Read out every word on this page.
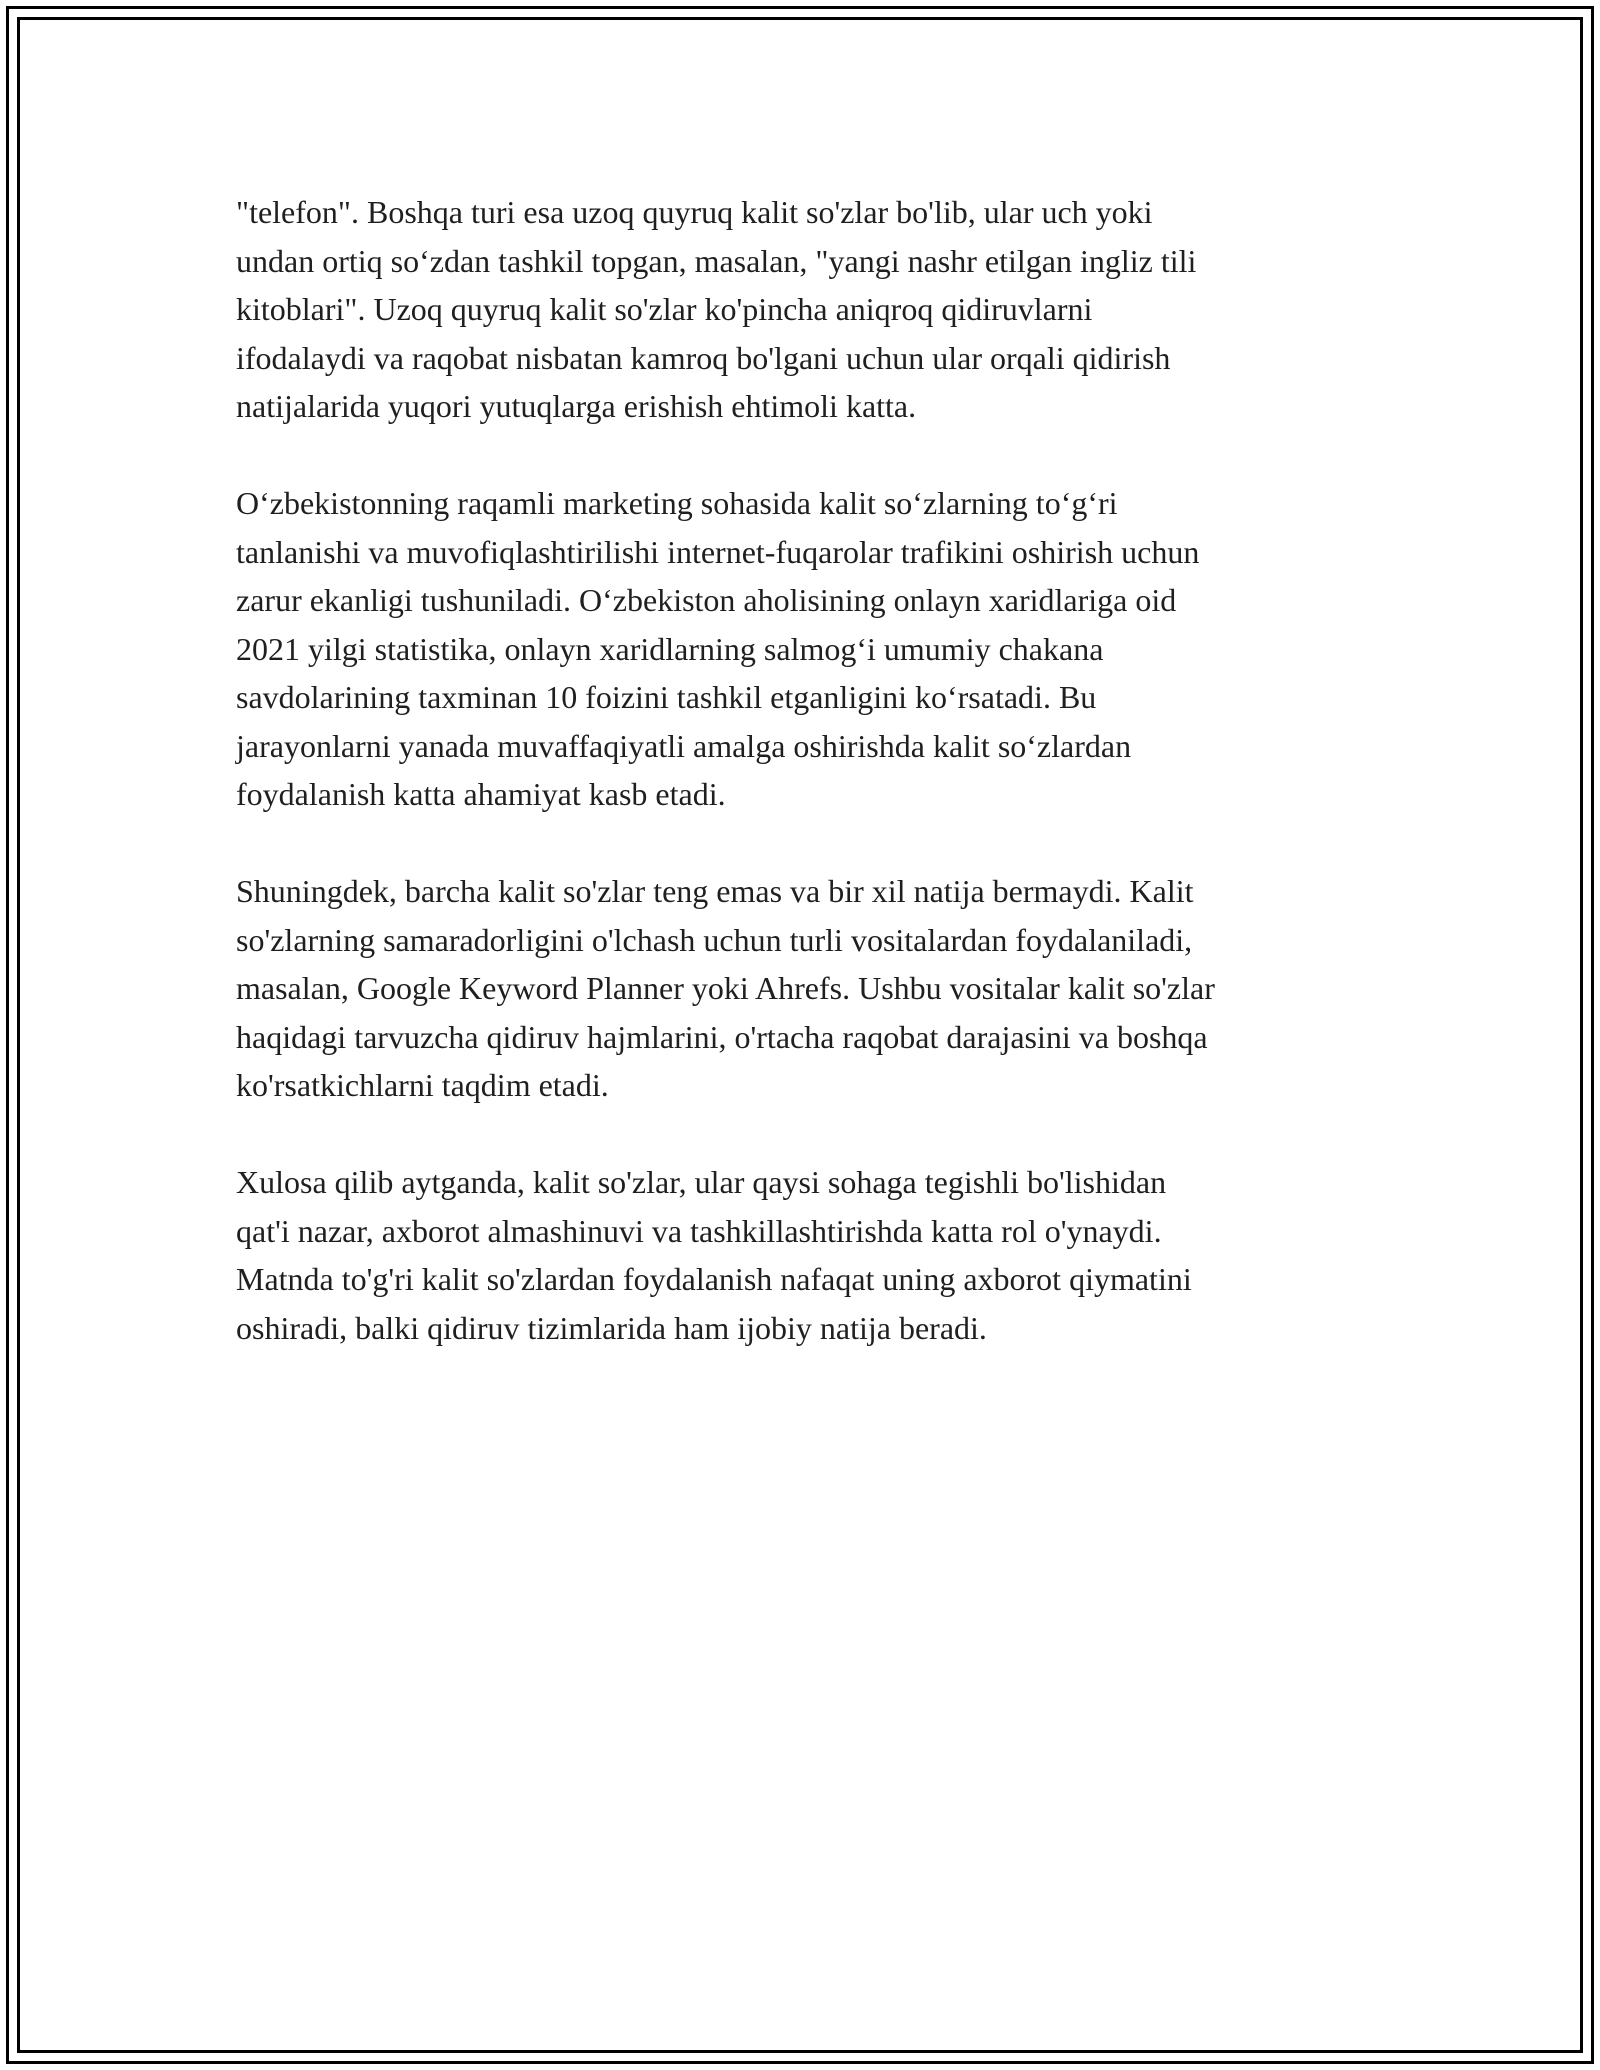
"telefon". Boshqa turi esa uzoq quyruq kalit so'zlar bo'lib, ular uch yoki
undan ortiq so‘zdan tashkil topgan, masalan, "yangi nashr etilgan ingliz tili
kitoblari". Uzoq quyruq kalit so'zlar ko'pincha aniqroq qidiruvlarni
ifodalaydi va raqobat nisbatan kamroq bo'lgani uchun ular orqali qidirish
natijalarida yuqori yutuqlarga erishish ehtimoli katta.

O‘zbekistonning raqamli marketing sohasida kalit so‘zlarning to‘g‘ri
tanlanishi va muvofiqlashtirilishi internet-fuqarolar trafikini oshirish uchun
zarur ekanligi tushuniladi. O‘zbekiston aholisining onlayn xaridlariga oid
2021 yilgi statistika, onlayn xaridlarning salmog‘i umumiy chakana
savdolarining taxminan 10 foizini tashkil etganligini ko‘rsatadi. Bu
jarayonlarni yanada muvaffaqiyatli amalga oshirishda kalit so‘zlardan
foydalanish katta ahamiyat kasb etadi.

Shuningdek, barcha kalit so'zlar teng emas va bir xil natija bermaydi. Kalit
so'zlarning samaradorligini o'lchash uchun turli vositalardan foydalaniladi,
masalan, Google Keyword Planner yoki Ahrefs. Ushbu vositalar kalit so'zlar
haqidagi tarvuzcha qidiruv hajmlarini, o'rtacha raqobat darajasini va boshqa
ko'rsatkichlarni taqdim etadi.

Xulosa qilib aytganda, kalit so'zlar, ular qaysi sohaga tegishli bo'lishidan
qat'i nazar, axborot almashinuvi va tashkillashtirishda katta rol o'ynaydi.
Matnda to'g'ri kalit so'zlardan foydalanish nafaqat uning axborot qiymatini
oshiradi, balki qidiruv tizimlarida ham ijobiy natija beradi.
